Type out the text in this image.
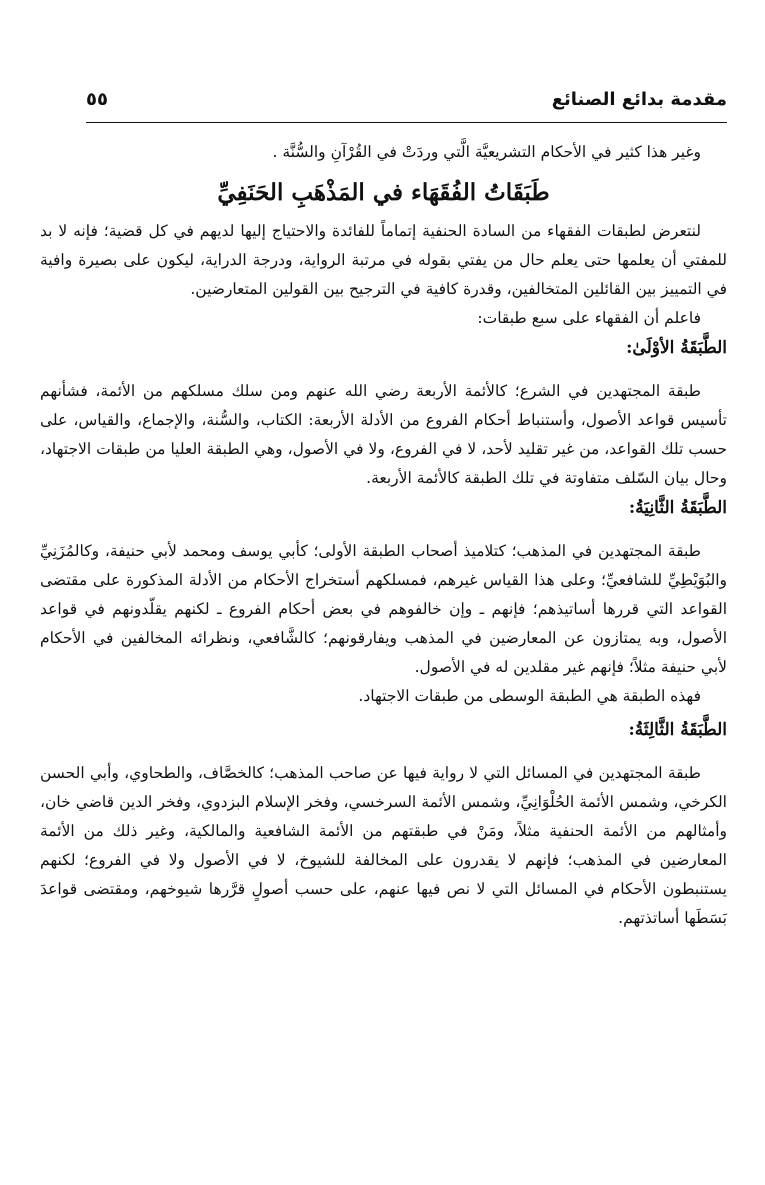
مقدمة بدائع الصنائع
٥٥

وغير هذا كثير في الأحكام التشريعيَّة الَّتي وردَتْ في القُرْآنِ والسُّنَّة .

طَبَقَاتُ الفُقَهَاء في المَذْهَبِ الحَنَفِيِّ

لنتعرض لطبقات الفقهاء من السادة الحنفية إتماماً للفائدة والاحتياج إليها لديهم في كل قضية؛ فإنه لا بد للمفتي أن يعلمها حتى يعلم حال من يفتي بقوله في مرتبة الرواية، ودرجة الدراية، ليكون على بصيرة وافية في التمييز بين القائلين المتخالفين، وقدرة كافية في الترجيح بين القولين المتعارضين.

فاعلم أن الفقهاء على سبع طبقات:

الطَّبَقَةُ الأوْلَىٰ:

طبقة المجتهدين في الشرع؛ كالأئمة الأربعة رضي الله عنهم ومن سلك مسلكهم من الأئمة، فشأنهم تأسيس قواعد الأصول، وأستنباط أحكام الفروع من الأدلة الأربعة: الكتاب، والسُّنة، والإجماع، والقياس، على حسب تلك القواعد، من غير تقليد لأحد، لا في الفروع، ولا في الأصول، وهي الطبقة العليا من طبقات الاجتهاد، وحال بيان السّلف متفاوتة في تلك الطبقة كالأئمة الأربعة.

الطَّبَقَةُ الثَّانِيَةُ:

طبقة المجتهدين في المذهب؛ كتلاميذ أصحاب الطبقة الأولى؛ كأبي يوسف ومحمد لأبي حنيفة، وكالمُزَنِيِّ والبُوَيْطِيِّ للشافعيِّ؛ وعلى هذا القياس غيرهم، فمسلكهم أستخراج الأحكام من الأدلة المذكورة على مقتضى القواعد التي قررها أساتيذهم؛ فإنهم ـ وإن خالفوهم في بعض أحكام الفروع ـ لكنهم يقلّدونهم في قواعد الأصول، وبه يمتازون عن المعارضين في المذهب ويفارقونهم؛ كالشَّافعي، ونظرائه المخالفين في الأحكام لأبي حنيفة مثلاً؛ فإنهم غير مقلدين له في الأصول.

فهذه الطبقة هي الطبقة الوسطى من طبقات الاجتهاد.

الطَّبَقَةُ الثَّالِثَةُ:

طبقة المجتهدين في المسائل التي لا رواية فيها عن صاحب المذهب؛ كالخصَّاف، والطحاوي، وأبي الحسن الكرخي، وشمس الأئمة الحُلْوَانِيِّ، وشمس الأئمة السرخسي، وفخر الإسلام البزدوي، وفخر الدين قاضي خان، وأمثالهم من الأئمة الحنفية مثلاً، ومَنْ في طبقتهم من الأئمة الشافعية والمالكية، وغير ذلك من الأئمة المعارضين في المذهب؛ فإنهم لا يقدرون على المخالفة للشيوخ، لا في الأصول ولا في الفروع؛ لكنهم يستنبطون الأحكام في المسائل التي لا نص فيها عنهم، على حسب أصولٍ قرَّرها شيوخهم، ومقتضى قواعدَ بَسَطَها أساتذتهم.
